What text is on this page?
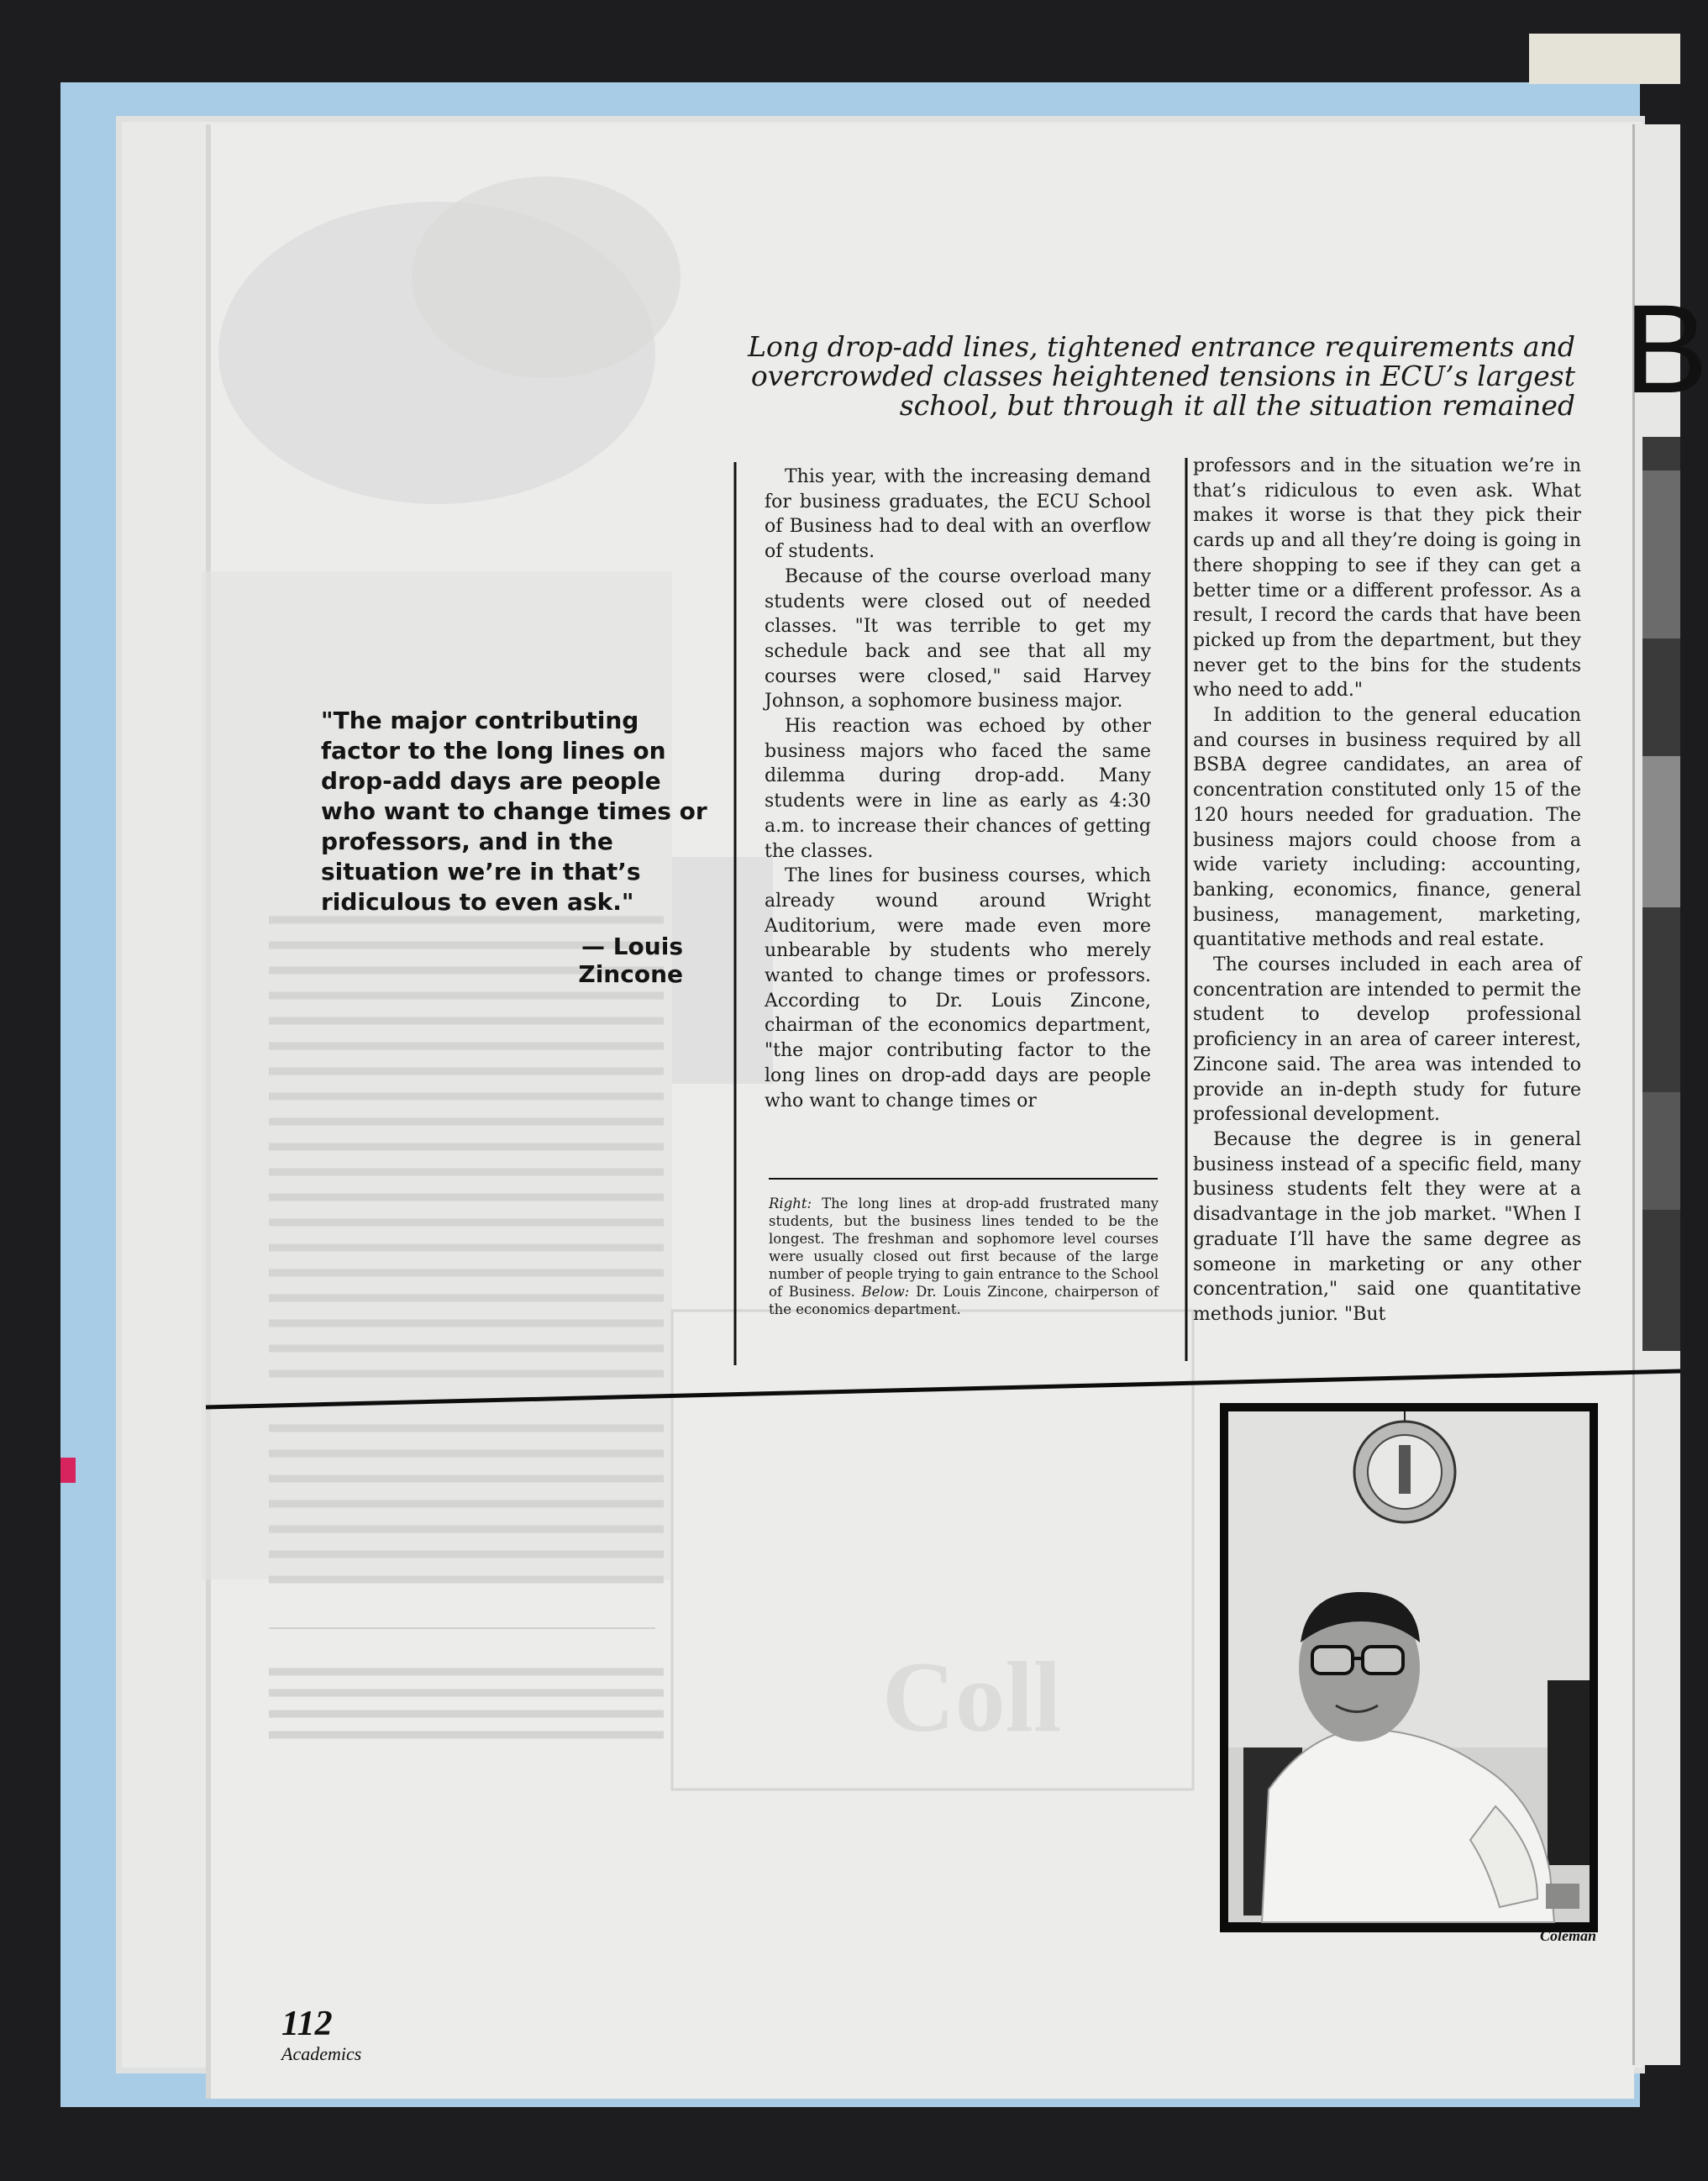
Coll
112
Academics
Long drop-add lines, tightened entrance requirements and
overcrowded classes heightened tensions in ECU’s largest
school, but through it all the situation remained B
"The major contributing factor to the long lines on drop-add days are people who want to change times or professors, and in the situation we’re in that’s ridiculous to even ask."
— Louis Zincone

This year, with the increasing demand for business graduates, the ECU School of Business had to deal with an overflow of students.

Because of the course overload many students were closed out of needed classes. "It was terrible to get my schedule back and see that all my courses were closed," said Harvey Johnson, a sophomore business major.

His reaction was echoed by other business majors who faced the same dilemma during drop-add. Many students were in line as early as 4:30 a.m. to increase their chances of getting the classes.

The lines for business courses, which already wound around Wright Auditorium, were made even more unbearable by students who merely wanted to change times or professors. According to Dr. Louis Zincone, chairman of the economics department, "the major contributing factor to the long lines on drop-add days are people who want to change times or

professors and in the situation we’re in that’s ridiculous to even ask. What makes it worse is that they pick their cards up and all they’re doing is going in there shopping to see if they can get a better time or a different professor. As a result, I record the cards that have been picked up from the department, but they never get to the bins for the students who need to add."

In addition to the general education and courses in business required by all BSBA degree candidates, an area of concentration constituted only 15 of the 120 hours needed for graduation. The business majors could choose from a wide variety including: accounting, banking, economics, finance, general business, management, marketing, quantitative methods and real estate.

The courses included in each area of concentration are intended to permit the student to develop professional proficiency in an area of career interest, Zincone said. The area was intended to provide an in-depth study for future professional development.

Because the degree is in general business instead of a specific field, many business students felt they were at a disadvantage in the job market. "When I graduate I’ll have the same degree as someone in marketing or any other concentration," said one quantitative methods junior. "But

Right: The long lines at drop-add frustrated many students, but the business lines tended to be the longest. The freshman and sophomore level courses were usually closed out first because of the large number of people trying to gain entrance to the School of Business. Below: Dr. Louis Zincone, chairperson of the economics department.
Coleman
